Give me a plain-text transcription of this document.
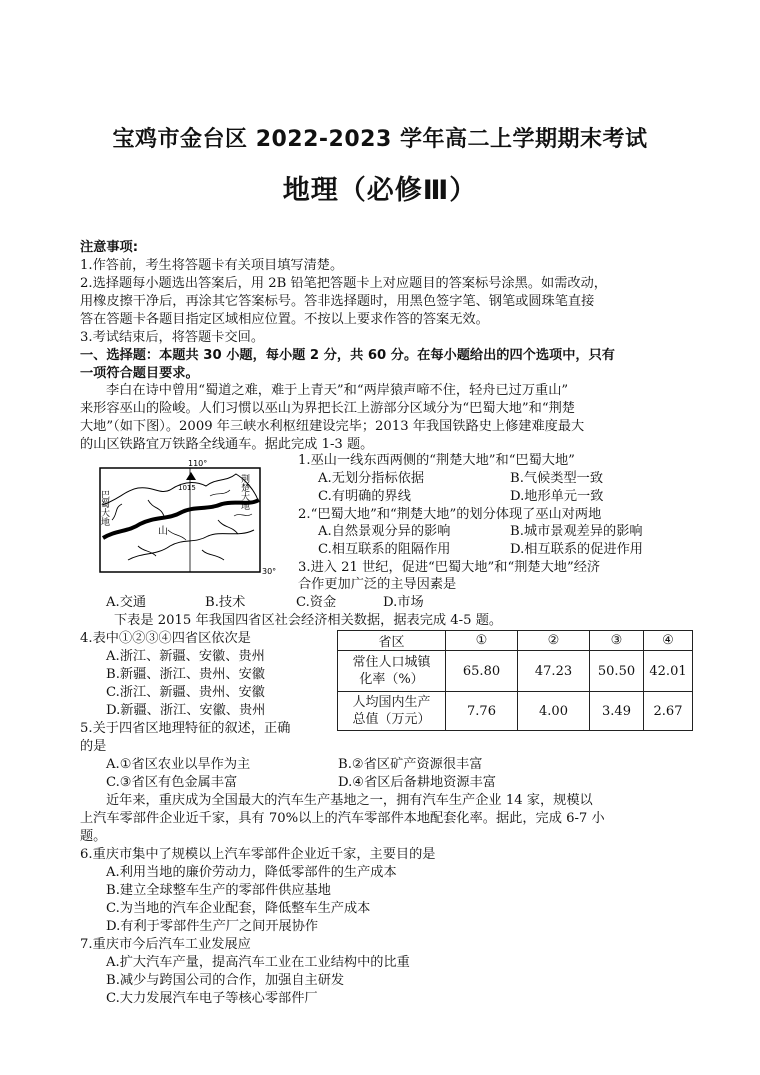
宝鸡市金台区 2022-2023 学年高二上学期期末考试
地理（必修Ⅲ）
注意事项:
1.作答前，考生将答题卡有关项目填写清楚。
2.选择题每小题选出答案后，用 2B 铅笔把答题卡上对应题目的答案标号涂黑。如需改动，
用橡皮擦干净后，再涂其它答案标号。答非选择题时，用黑色签字笔、钢笔或圆珠笔直接
答在答题卡各题目指定区域相应位置。不按以上要求作答的答案无效。
3.考试结束后，将答题卡交回。
一、选择题：本题共 30 小题，每小题 2 分，共 60 分。在每小题给出的四个选项中，只有
一项符合题目要求。
李白在诗中曾用“蜀道之难，难于上青天”和“两岸猿声啼不住，轻舟已过万重山”
来形容巫山的险峻。人们习惯以巫山为界把长江上游部分区域分为“巴蜀大地”和“荆楚
大地”（如下图）。2009 年三峡水利枢纽建设完毕；2013 年我国铁路史上修建难度最大
的山区铁路宜万铁路全线通车。据此完成 1-3 题。
110°
30°
1015
山
巴蜀大地	荆楚大地
1.巫山一线东西两侧的“荆楚大地”和“巴蜀大地”
A.无划分指标依据	B.气候类型一致
C.有明确的界线	D.地形单元一致
2.“巴蜀大地”和“荆楚大地”的划分体现了巫山对两地
A.自然景观分异的影响	B.城市景观差异的影响
C.相互联系的阻隔作用	D.相互联系的促进作用
3.进入 21 世纪，促进“巴蜀大地”和“荆楚大地”经济
合作更加广泛的主导因素是
A.交通	B.技术	C.资金	D.市场
下表是 2015 年我国四省区社会经济相关数据，据表完成 4-5 题。
省区	①	②	③	④
常住人口城镇
化率（%）	65.80	47.23	50.50	42.01
人均国内生产
总值（万元）	7.76	4.00	3.49	2.67
4.表中①②③④四省区依次是
A.浙江、新疆、安徽、贵州
B.新疆、浙江、贵州、安徽
C.浙江、新疆、贵州、安徽
D.新疆、浙江、安徽、贵州
5.关于四省区地理特征的叙述，正确
的是
A.①省区农业以旱作为主	B.②省区矿产资源很丰富
C.③省区有色金属丰富	D.④省区后备耕地资源丰富
近年来，重庆成为全国最大的汽车生产基地之一，拥有汽车生产企业 14 家，规模以
上汽车零部件企业近千家，具有 70%以上的汽车零部件本地配套化率。据此，完成 6-7 小
题。
6.重庆市集中了规模以上汽车零部件企业近千家，主要目的是
A.利用当地的廉价劳动力，降低零部件的生产成本
B.建立全球整车生产的零部件供应基地
C.为当地的汽车企业配套，降低整车生产成本
D.有利于零部件生产厂之间开展协作
7.重庆市今后汽车工业发展应
A.扩大汽车产量，提高汽车工业在工业结构中的比重
B.减少与跨国公司的合作，加强自主研发
C.大力发展汽车电子等核心零部件厂
